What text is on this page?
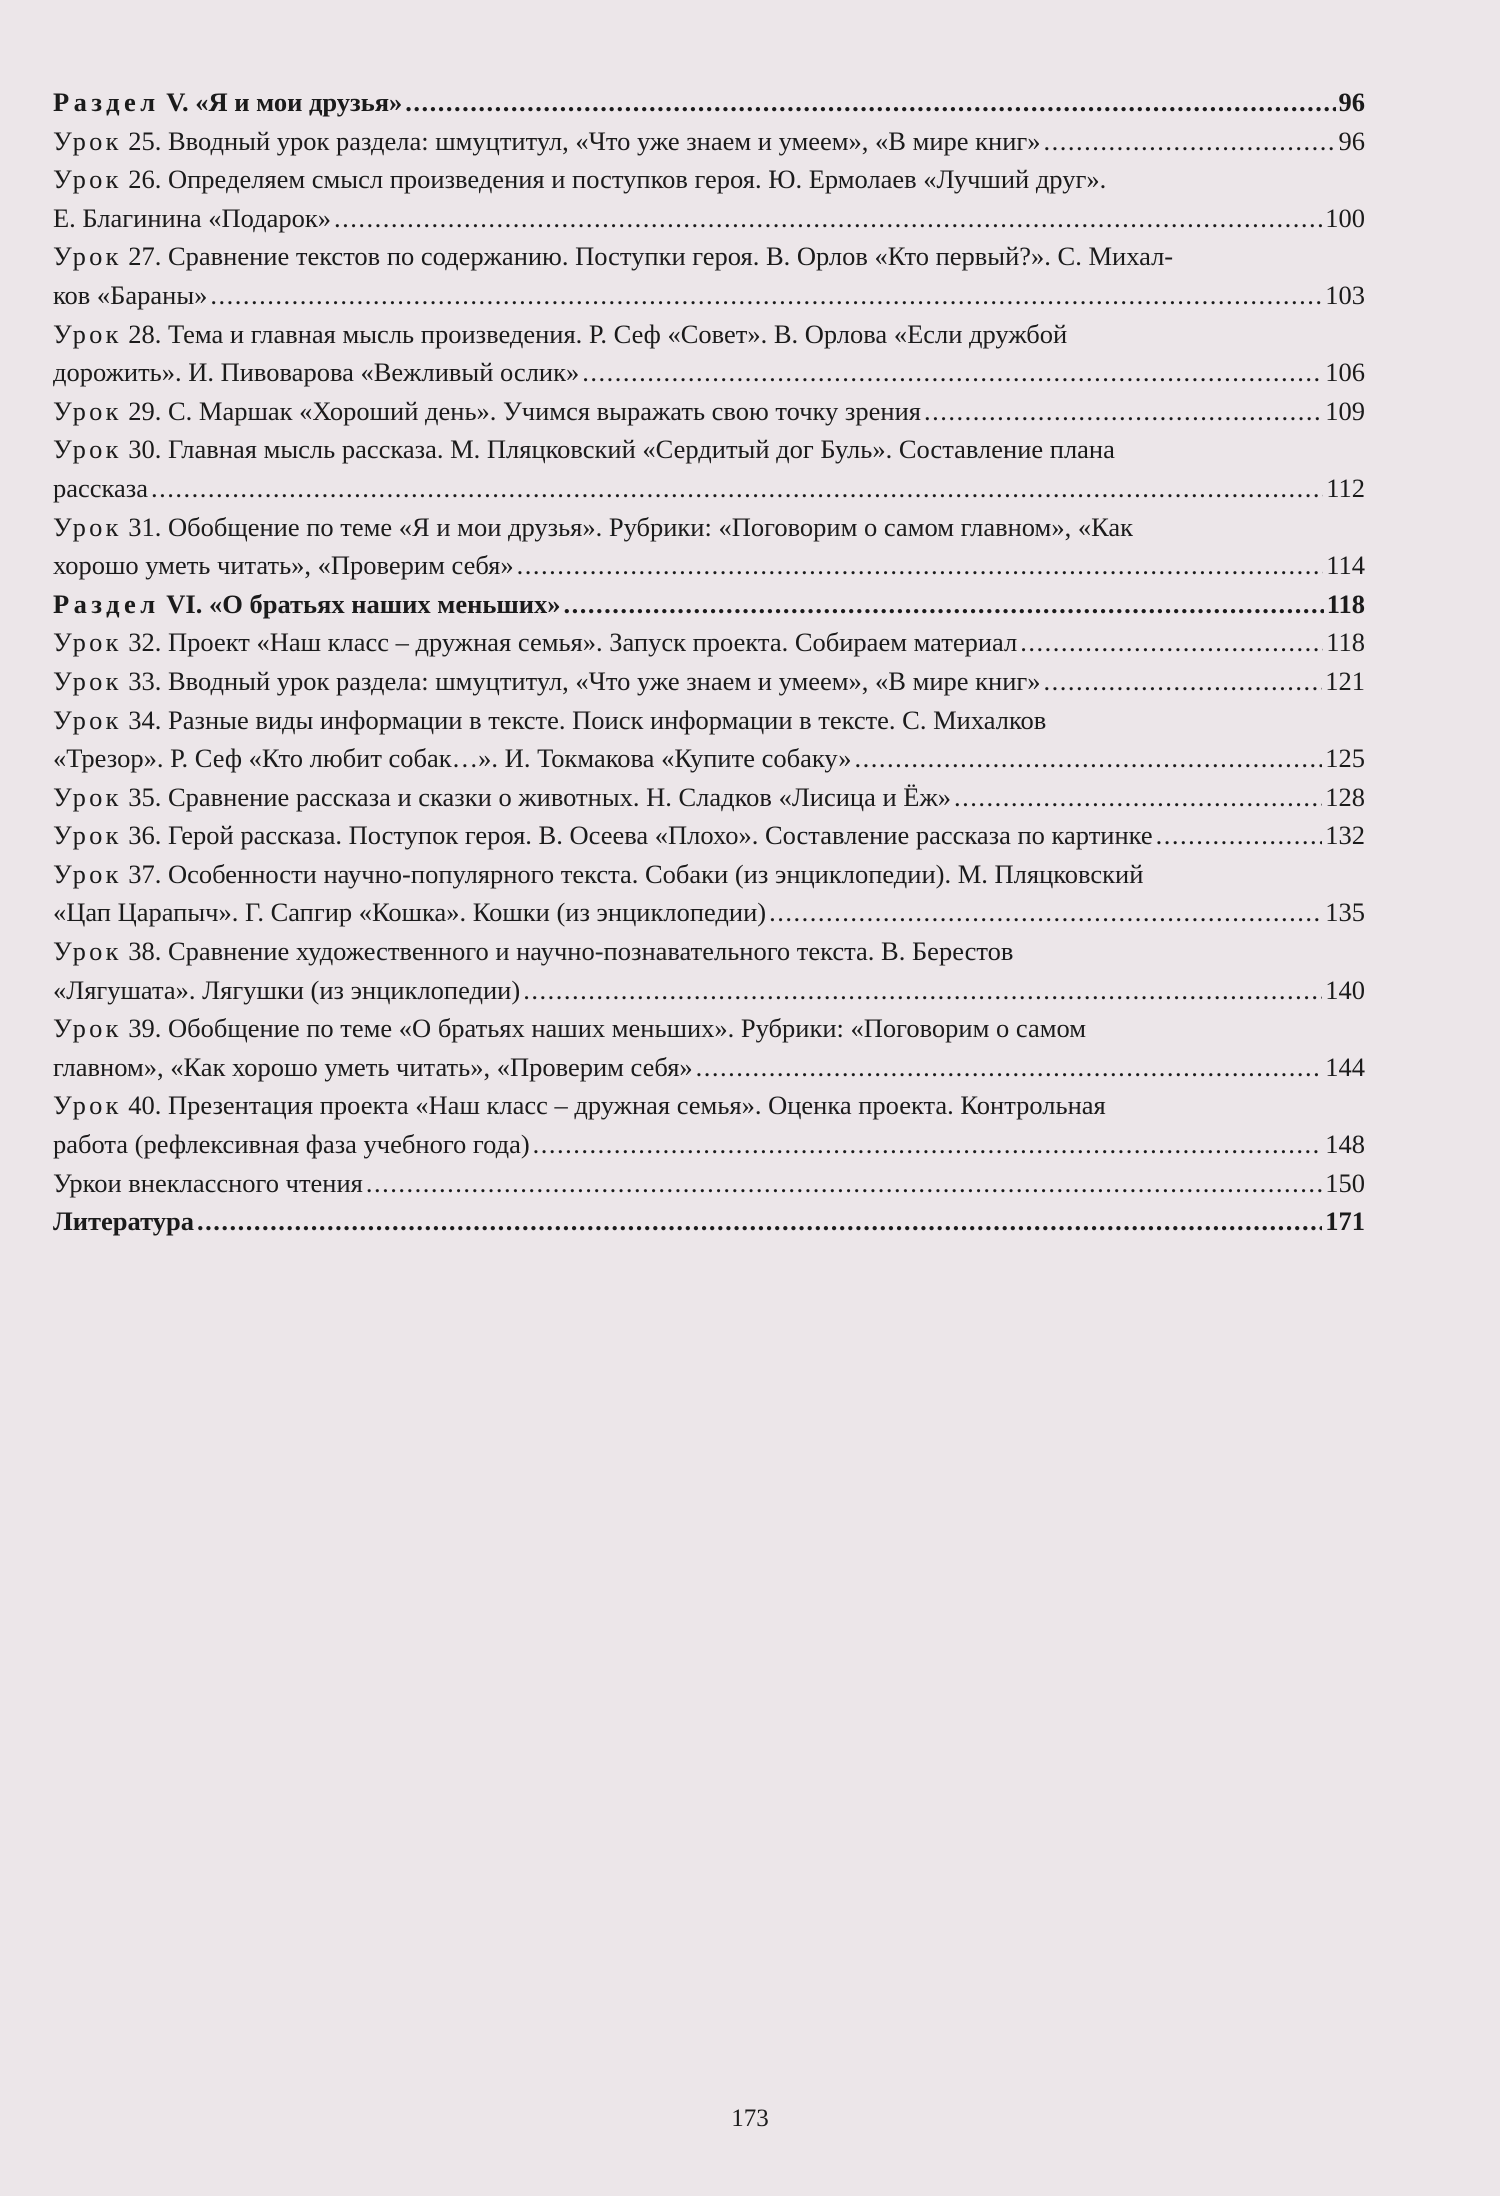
Раздел V. «Я и мои друзья» .....	96
Урок 25. Вводный урок раздела: шмуцтитул, «Что уже знаем и умеем», «В мире книг» .....	96
Урок 26. Определяем смысл произведения и поступков героя. Ю. Ермолаев «Лучший друг».
Е. Благинина «Подарок» .....	100
Урок 27. Сравнение текстов по содержанию. Поступки героя. В. Орлов «Кто первый?». С. Михал-
ков «Бараны» .....	103
Урок 28. Тема и главная мысль произведения. Р. Сеф «Совет». В. Орлова «Если дружбой
дорожить». И. Пивоварова «Вежливый ослик» .....	106
Урок 29. С. Маршак «Хороший день». Учимся выражать свою точку зрения .....	109
Урок 30. Главная мысль рассказа. М. Пляцковский «Сердитый дог Буль». Составление плана
рассказа .....	112
Урок 31. Обобщение по теме «Я и мои друзья». Рубрики: «Поговорим о самом главном», «Как
хорошо уметь читать», «Проверим себя» .....	114
Раздел VI. «О братьях наших меньших» .....	118
Урок 32. Проект «Наш класс – дружная семья». Запуск проекта. Собираем материал .....	118
Урок 33. Вводный урок раздела: шмуцтитул, «Что уже знаем и умеем», «В мире книг» .....	121
Урок 34. Разные виды информации в тексте. Поиск информации в тексте. С. Михалков
«Трезор». Р. Сеф «Кто любит собак…». И. Токмакова «Купите собаку» .....	125
Урок 35. Сравнение рассказа и сказки о животных. Н. Сладков «Лисица и Ёж» .....	128
Урок 36. Герой рассказа. Поступок героя. В. Осеева «Плохо». Составление рассказа по картинке .....	132
Урок 37. Особенности научно-популярного текста. Собаки (из энциклопедии). М. Пляцковский
«Цап Царапыч». Г. Сапгир «Кошка». Кошки (из энциклопедии) .....	135
Урок 38. Сравнение художественного и научно-познавательного текста. В. Берестов
«Лягушата». Лягушки (из энциклопедии) .....	140
Урок 39. Обобщение по теме «О братьях наших меньших». Рубрики: «Поговорим о самом
главном», «Как хорошо уметь читать», «Проверим себя» .....	144
Урок 40. Презентация проекта «Наш класс – дружная семья». Оценка проекта. Контрольная
работа (рефлексивная фаза учебного года) .....	148
Уркои внеклассного чтения .....	150
Литература .....	171
173
